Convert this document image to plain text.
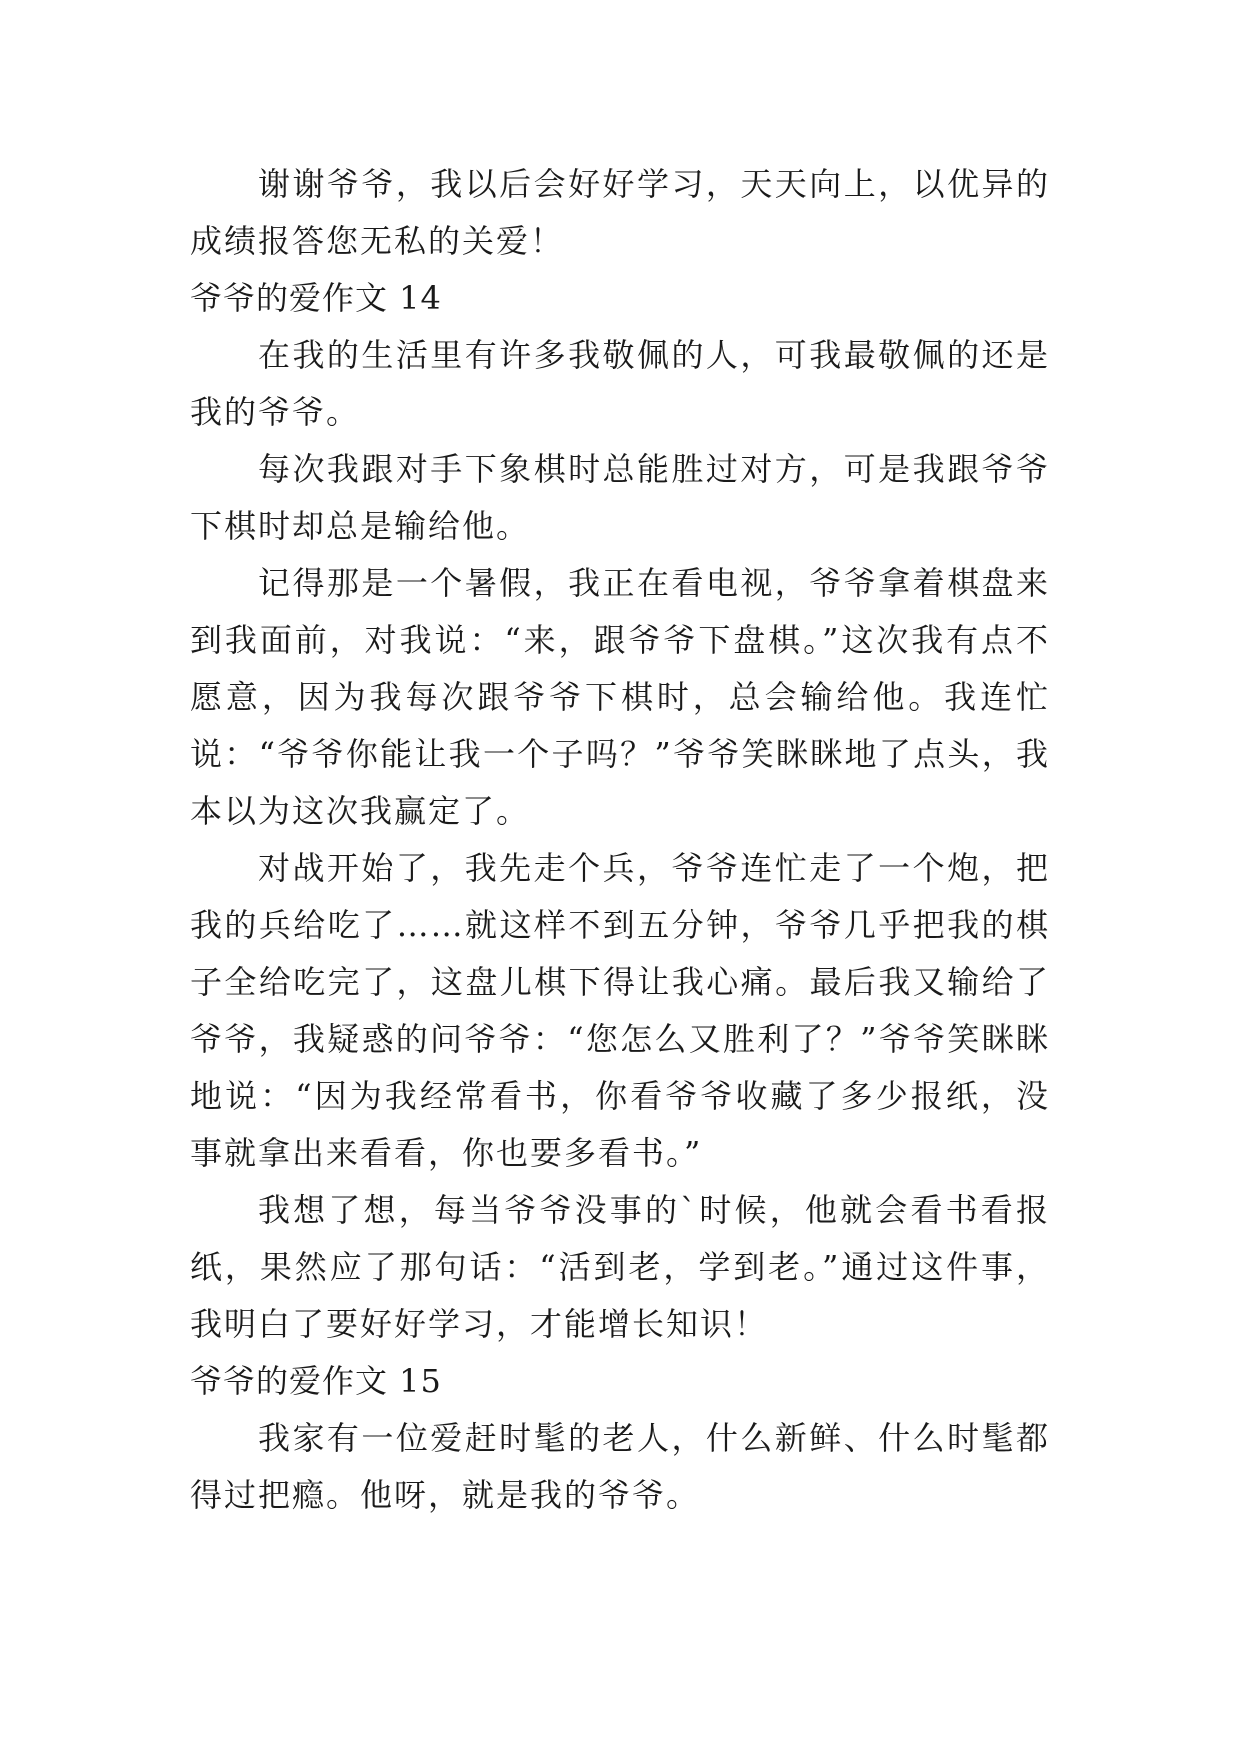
谢谢爷爷，我以后会好好学习，天天向上，以优异的成绩报答您无私的关爱！

爷爷的爱作文 14

在我的生活里有许多我敬佩的人，可我最敬佩的还是我的爷爷。

每次我跟对手下象棋时总能胜过对方，可是我跟爷爷下棋时却总是输给他。

记得那是一个暑假，我正在看电视，爷爷拿着棋盘来到我面前，对我说：“来，跟爷爷下盘棋。”这次我有点不愿意，因为我每次跟爷爷下棋时，总会输给他。我连忙说：“爷爷你能让我一个子吗？”爷爷笑眯眯地了点头，我本以为这次我赢定了。

对战开始了，我先走个兵，爷爷连忙走了一个炮，把我的兵给吃了……就这样不到五分钟，爷爷几乎把我的棋子全给吃完了，这盘儿棋下得让我心痛。最后我又输给了爷爷，我疑惑的问爷爷：“您怎么又胜利了？”爷爷笑眯眯地说：“因为我经常看书，你看爷爷收藏了多少报纸，没事就拿出来看看，你也要多看书。”

我想了想，每当爷爷没事的`时候，他就会看书看报纸，果然应了那句话：“活到老，学到老。”通过这件事，我明白了要好好学习，才能增长知识！

爷爷的爱作文 15

我家有一位爱赶时髦的老人，什么新鲜、什么时髦都得过把瘾。他呀，就是我的爷爷。
